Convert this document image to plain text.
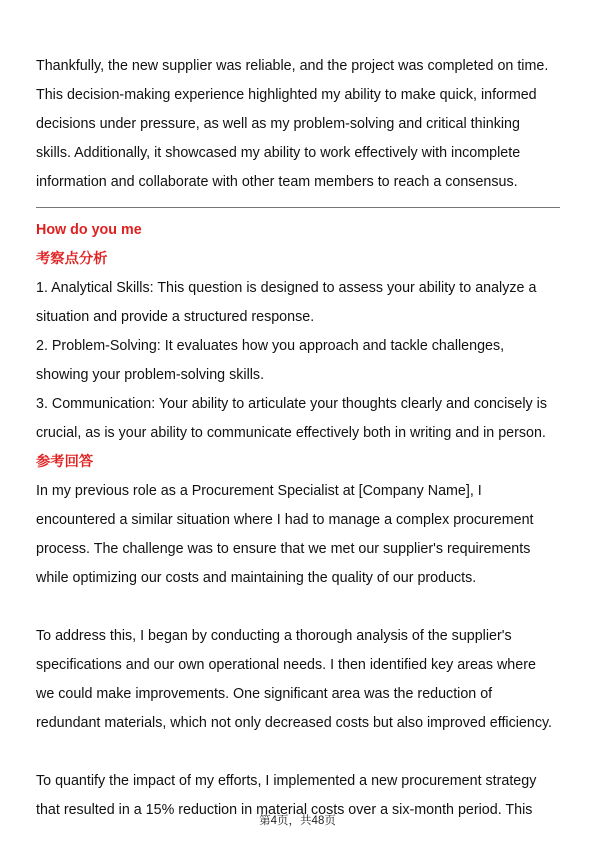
Thankfully, the new supplier was reliable, and the project was completed on time.

This decision-making experience highlighted my ability to make quick, informed

decisions under pressure, as well as my problem-solving and critical thinking

skills. Additionally, it showcased my ability to work effectively with incomplete

information and collaborate with other team members to reach a consensus.

How do you me

考察点分析

1. Analytical Skills: This question is designed to assess your ability to analyze a

situation and provide a structured response.

2. Problem-Solving: It evaluates how you approach and tackle challenges,

showing your problem-solving skills.

3. Communication: Your ability to articulate your thoughts clearly and concisely is

crucial, as is your ability to communicate effectively both in writing and in person.

参考回答

In my previous role as a Procurement Specialist at [Company Name], I

encountered a similar situation where I had to manage a complex procurement

process. The challenge was to ensure that we met our supplier's requirements

while optimizing our costs and maintaining the quality of our products.

To address this, I began by conducting a thorough analysis of the supplier's

specifications and our own operational needs. I then identified key areas where

we could make improvements. One significant area was the reduction of

redundant materials, which not only decreased costs but also improved efficiency.

To quantify the impact of my efforts, I implemented a new procurement strategy

that resulted in a 15% reduction in material costs over a six-month period. This

第4页，共48页
